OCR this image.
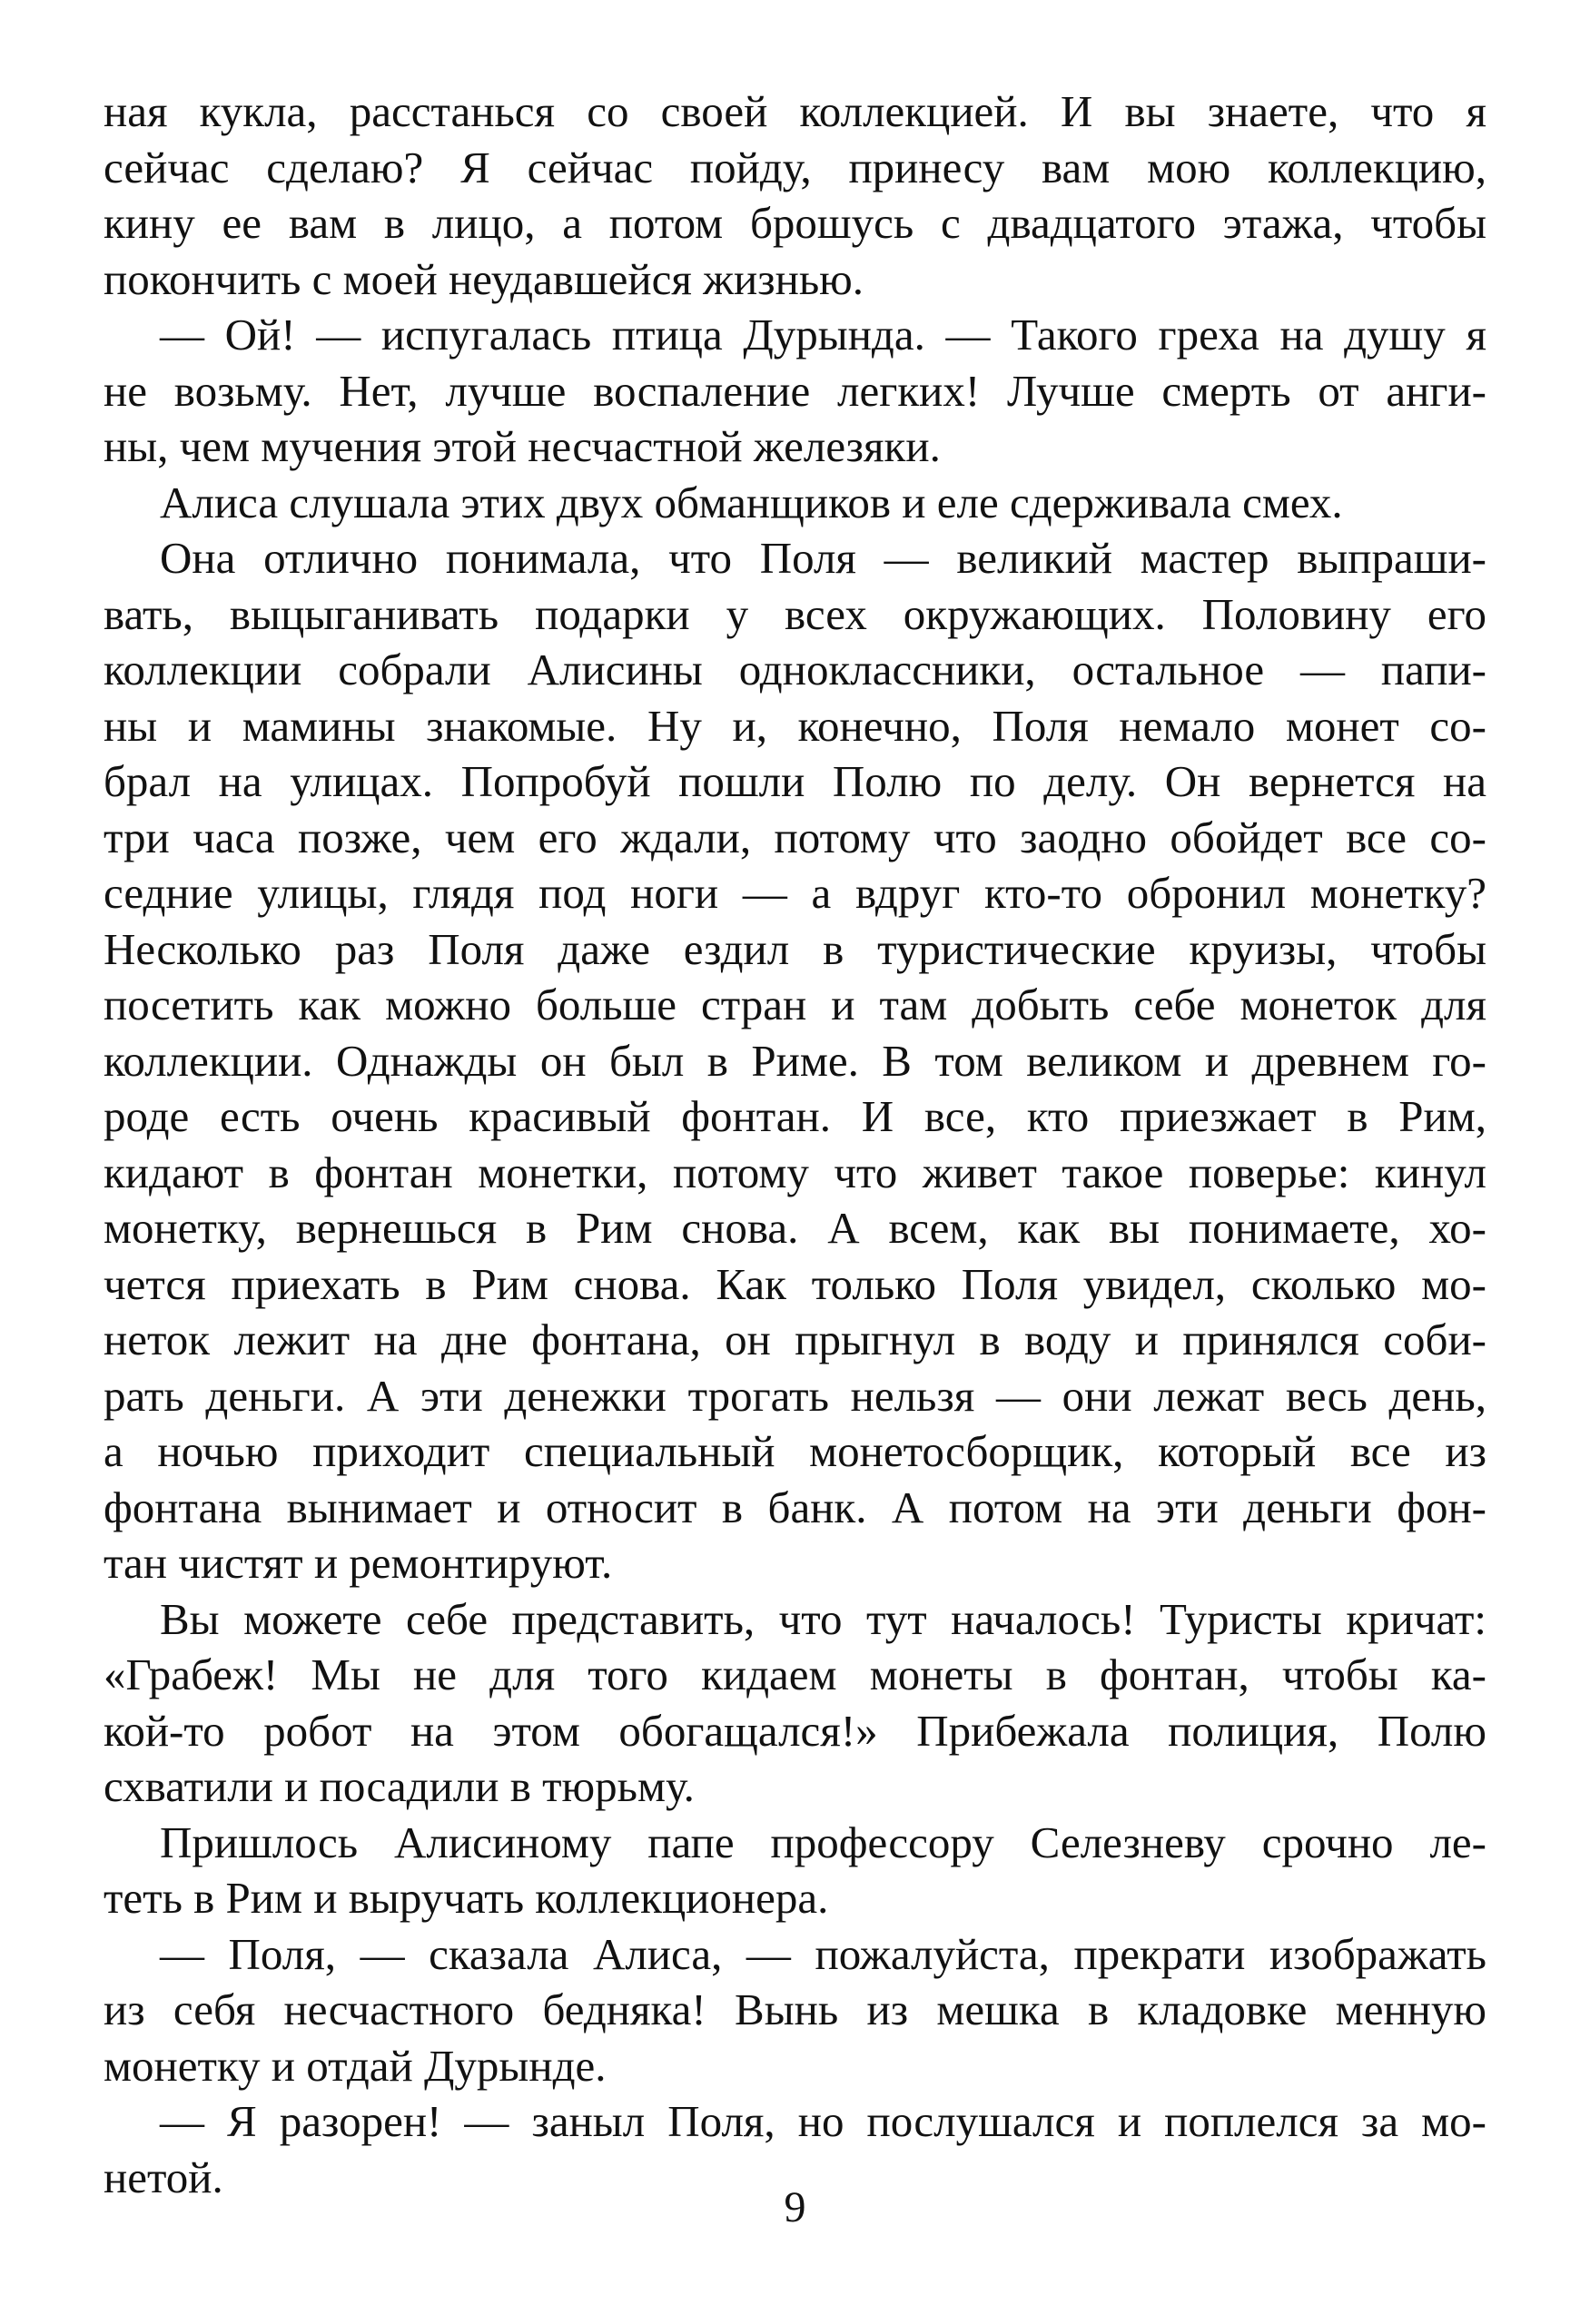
ная кукла, расстанься со своей коллекцией. И вы знаете, что я
сейчас сделаю? Я сейчас пойду, принесу вам мою коллекцию,
кину ее вам в лицо, а потом брошусь с двадцатого этажа, чтобы
покончить с моей неудавшейся жизнью.

— Ой! — испугалась птица Дурында. — Такого греха на душу я
не возьму. Нет, лучше воспаление легких! Лучше смерть от анги-
ны, чем мучения этой несчастной железяки.

Алиса слушала этих двух обманщиков и еле сдерживала смех.

Она отлично понимала, что Поля — великий мастер выпраши-
вать, выцыганивать подарки у всех окружающих. Половину его
коллекции собрали Алисины одноклассники, остальное — папи-
ны и мамины знакомые. Ну и, конечно, Поля немало монет со-
брал на улицах. Попробуй пошли Полю по делу. Он вернется на
три часа позже, чем его ждали, потому что заодно обойдет все со-
седние улицы, глядя под ноги — а вдруг кто-то обронил монетку?
Несколько раз Поля даже ездил в туристические круизы, чтобы
посетить как можно больше стран и там добыть себе монеток для
коллекции. Однажды он был в Риме. В том великом и древнем го-
роде есть очень красивый фонтан. И все, кто приезжает в Рим,
кидают в фонтан монетки, потому что живет такое поверье: кинул
монетку, вернешься в Рим снова. А всем, как вы понимаете, хо-
чется приехать в Рим снова. Как только Поля увидел, сколько мо-
неток лежит на дне фонтана, он прыгнул в воду и принялся соби-
рать деньги. А эти денежки трогать нельзя — они лежат весь день,
а ночью приходит специальный монетосборщик, который все из
фонтана вынимает и относит в банк. А потом на эти деньги фон-
тан чистят и ремонтируют.

Вы можете себе представить, что тут началось! Туристы кричат:
«Грабеж! Мы не для того кидаем монеты в фонтан, чтобы ка-
кой-то робот на этом обогащался!» Прибежала полиция, Полю
схватили и посадили в тюрьму.

Пришлось Алисиному папе профессору Селезневу срочно ле-
теть в Рим и выручать коллекционера.

— Поля, — сказала Алиса, — пожалуйста, прекрати изображать
из себя несчастного бедняка! Вынь из мешка в кладовке менную
монетку и отдай Дурынде.

— Я разорен! — заныл Поля, но послушался и поплелся за мо-
нетой.

9
